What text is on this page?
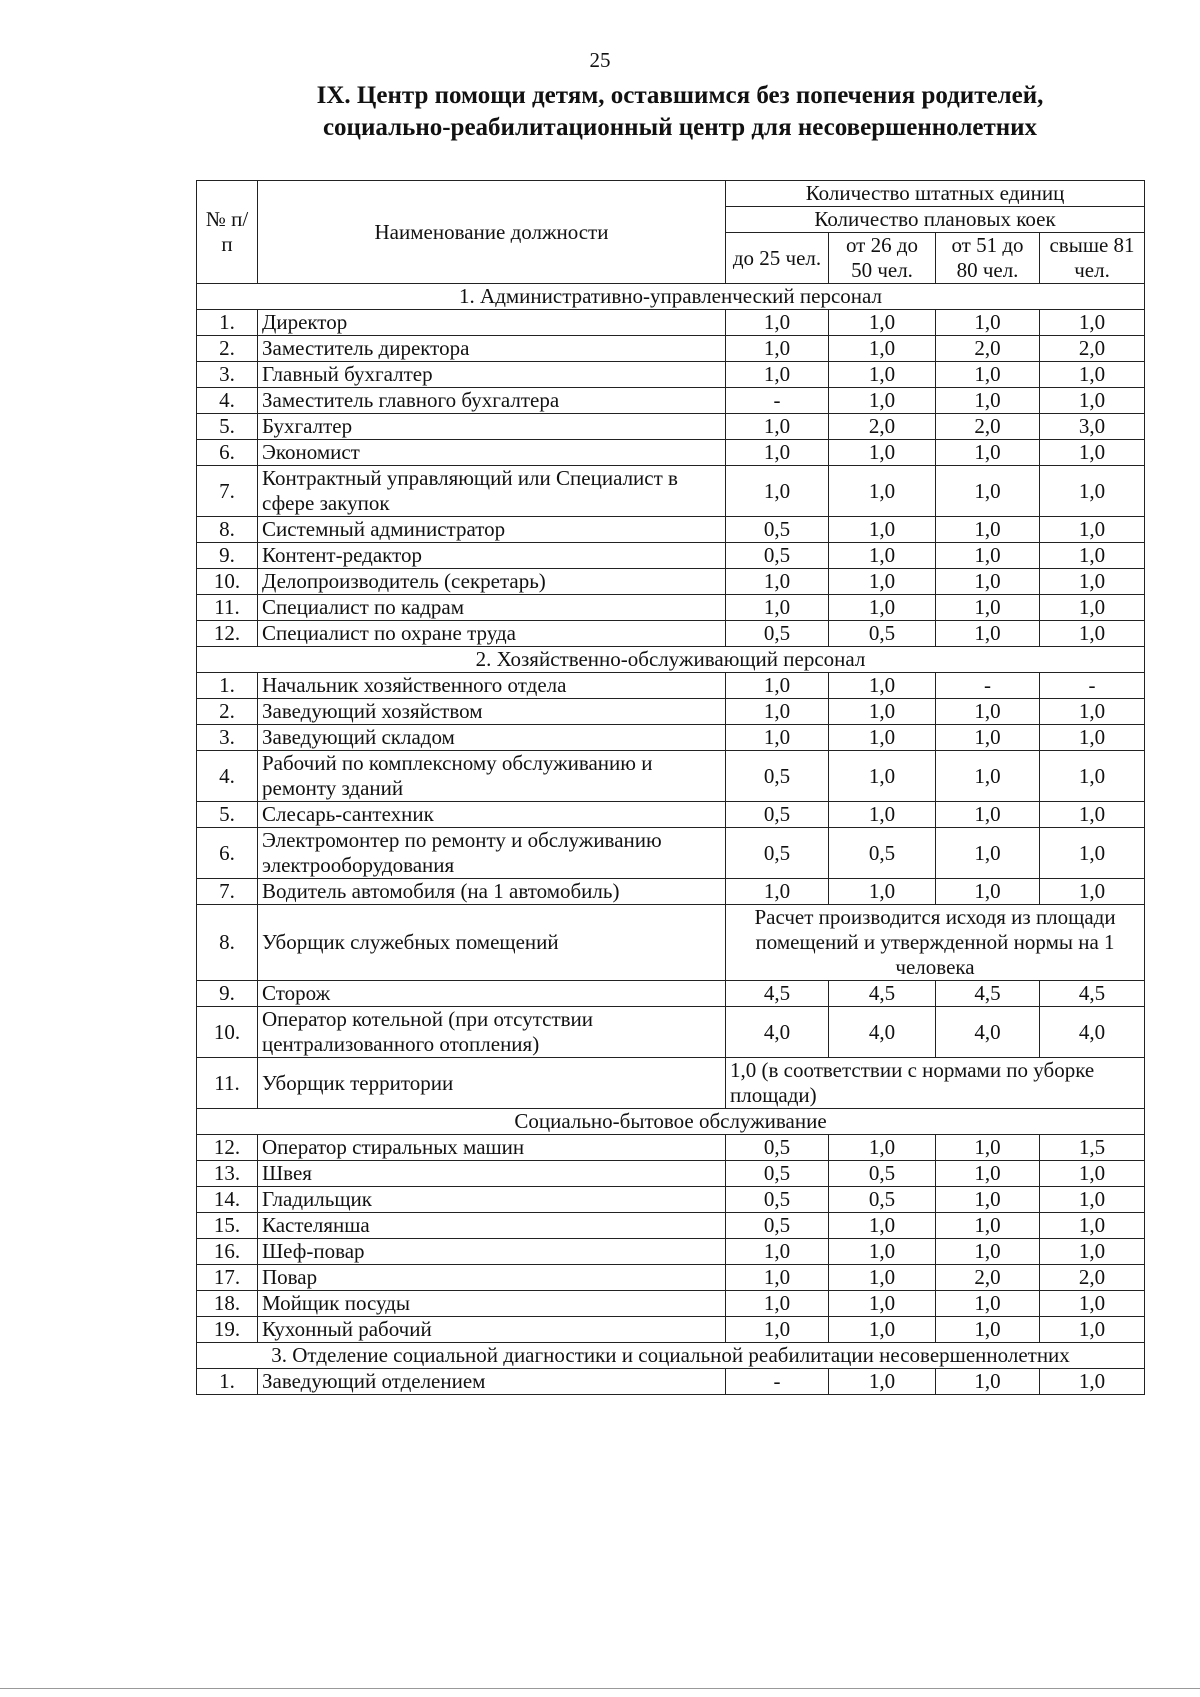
25
IX. Центр помощи детям, оставшимся без попечения родителей,
социально-реабилитационный центр для несовершеннолетних
№ п/п	Наименование должности	Количество штатных единиц			
		Количество плановых коек			
		до 25 чел.	от 26 до 50 чел.	от 51 до 80 чел.	свыше 81 чел.
1. Административно-управленческий персонал					
1.	Директор	1,0	1,0	1,0	1,0
2.	Заместитель директора	1,0	1,0	2,0	2,0
3.	Главный бухгалтер	1,0	1,0	1,0	1,0
4.	Заместитель главного бухгалтера	-	1,0	1,0	1,0
5.	Бухгалтер	1,0	2,0	2,0	3,0
6.	Экономист	1,0	1,0	1,0	1,0
7.	Контрактный управляющий или Специалист в сфере закупок	1,0	1,0	1,0	1,0
8.	Системный администратор	0,5	1,0	1,0	1,0
9.	Контент-редактор	0,5	1,0	1,0	1,0
10.	Делопроизводитель (секретарь)	1,0	1,0	1,0	1,0
11.	Специалист по кадрам	1,0	1,0	1,0	1,0
12.	Специалист по охране труда	0,5	0,5	1,0	1,0
2. Хозяйственно-обслуживающий персонал					
1.	Начальник хозяйственного отдела	1,0	1,0	-	-
2.	Заведующий хозяйством	1,0	1,0	1,0	1,0
3.	Заведующий складом	1,0	1,0	1,0	1,0
4.	Рабочий по комплексному обслуживанию и ремонту зданий	0,5	1,0	1,0	1,0
5.	Слесарь-сантехник	0,5	1,0	1,0	1,0
6.	Электромонтер по ремонту и обслуживанию электрооборудования	0,5	0,5	1,0	1,0
7.	Водитель автомобиля (на 1 автомобиль)	1,0	1,0	1,0	1,0
8.	Уборщик служебных помещений	Расчет производится исходя из площади помещений и утвержденной нормы на 1 человека			
9.	Сторож	4,5	4,5	4,5	4,5
10.	Оператор котельной (при отсутствии централизованного отопления)	4,0	4,0	4,0	4,0
11.	Уборщик территории	1,0 (в соответствии с нормами по уборке площади)			
Социально-бытовое обслуживание					
12.	Оператор стиральных машин	0,5	1,0	1,0	1,5
13.	Швея	0,5	0,5	1,0	1,0
14.	Гладильщик	0,5	0,5	1,0	1,0
15.	Кастелянша	0,5	1,0	1,0	1,0
16.	Шеф-повар	1,0	1,0	1,0	1,0
17.	Повар	1,0	1,0	2,0	2,0
18.	Мойщик посуды	1,0	1,0	1,0	1,0
19.	Кухонный рабочий	1,0	1,0	1,0	1,0
3. Отделение социальной диагностики и социальной реабилитации несовершеннолетних					
1.	Заведующий отделением	-	1,0	1,0	1,0
